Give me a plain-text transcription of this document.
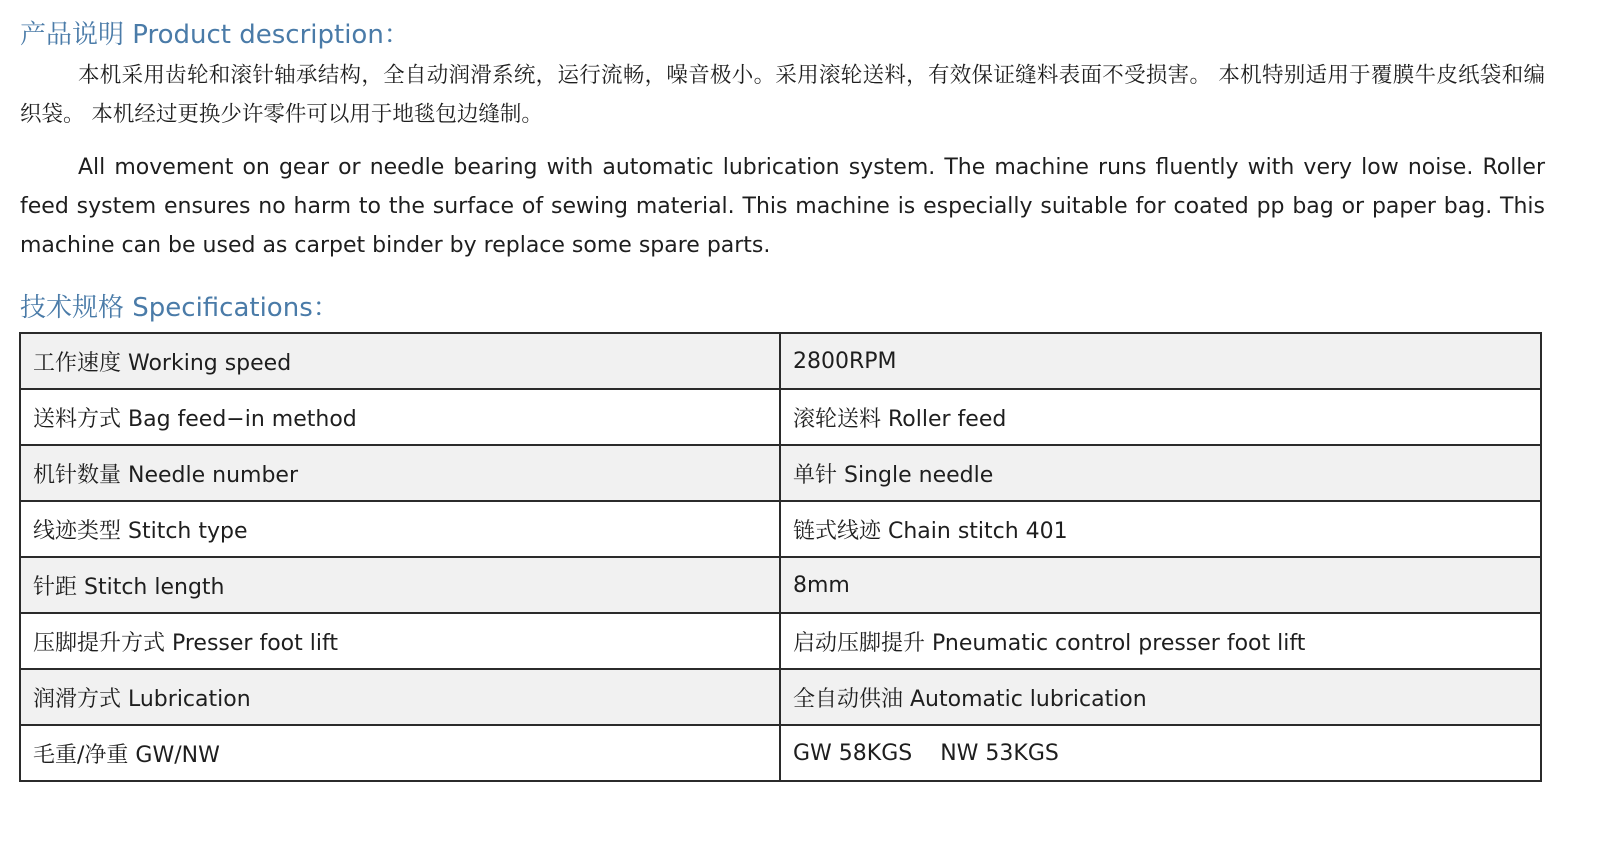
产品说明 Product description：

本机采用齿轮和滚针轴承结构，全自动润滑系统，运行流畅，噪音极小。采用滚轮送料，有效保证缝料表面不受损害。 本机特别适用于覆膜牛皮纸袋和编织袋。 本机经过更换少许零件可以用于地毯包边缝制。

All movement on gear or needle bearing with automatic lubrication system. The machine runs fluently with very low noise. Roller feed system ensures no harm to the surface of sewing material. This machine is especially suitable for coated pp bag or paper bag. This machine can be used as carpet binder by replace some spare parts.

技术规格 Specifications：
工作速度 Working speed	2800RPM
送料方式 Bag feed−in method	滚轮送料 Roller feed
机针数量 Needle number	单针 Single needle
线迹类型 Stitch type	链式线迹 Chain stitch 401
针距 Stitch length	8mm
压脚提升方式 Presser foot lift	启动压脚提升 Pneumatic control presser foot lift
润滑方式 Lubrication	全自动供油 Automatic lubrication
毛重/净重 GW/NW	GW 58KGS    NW 53KGS
